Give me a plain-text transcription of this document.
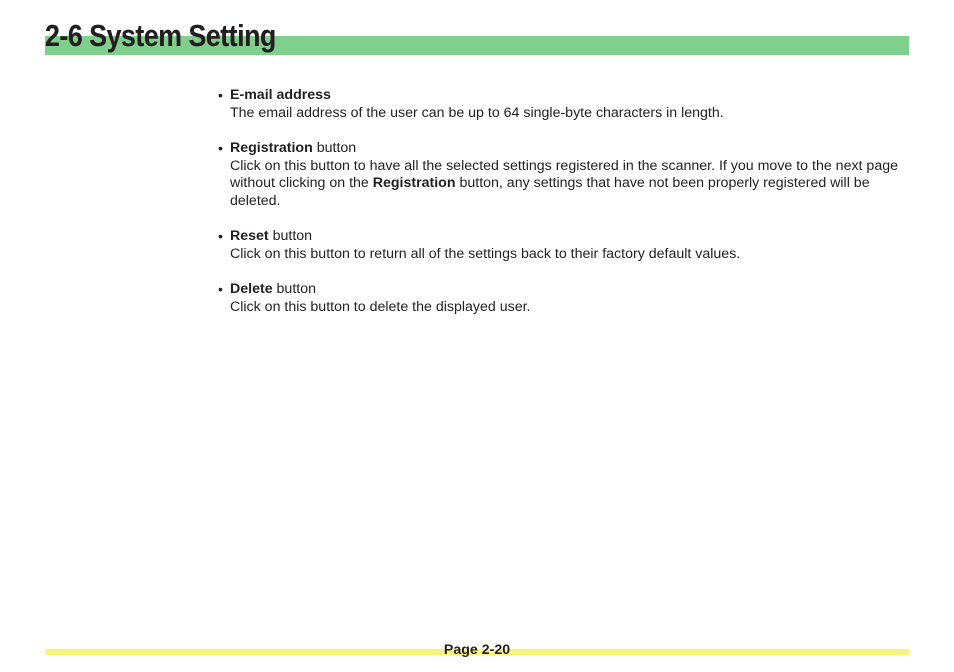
2-6 System Setting
• E-mail address
The email address of the user can be up to 64 single-byte characters in length.
• Registration button
Click on this button to have all the selected settings registered in the scanner. If you move to the next page without clicking on the Registration button, any settings that have not been properly registered will be deleted.
• Reset button
Click on this button to return all of the settings back to their factory default values.
• Delete button
Click on this button to delete the displayed user.
Page 2-20
